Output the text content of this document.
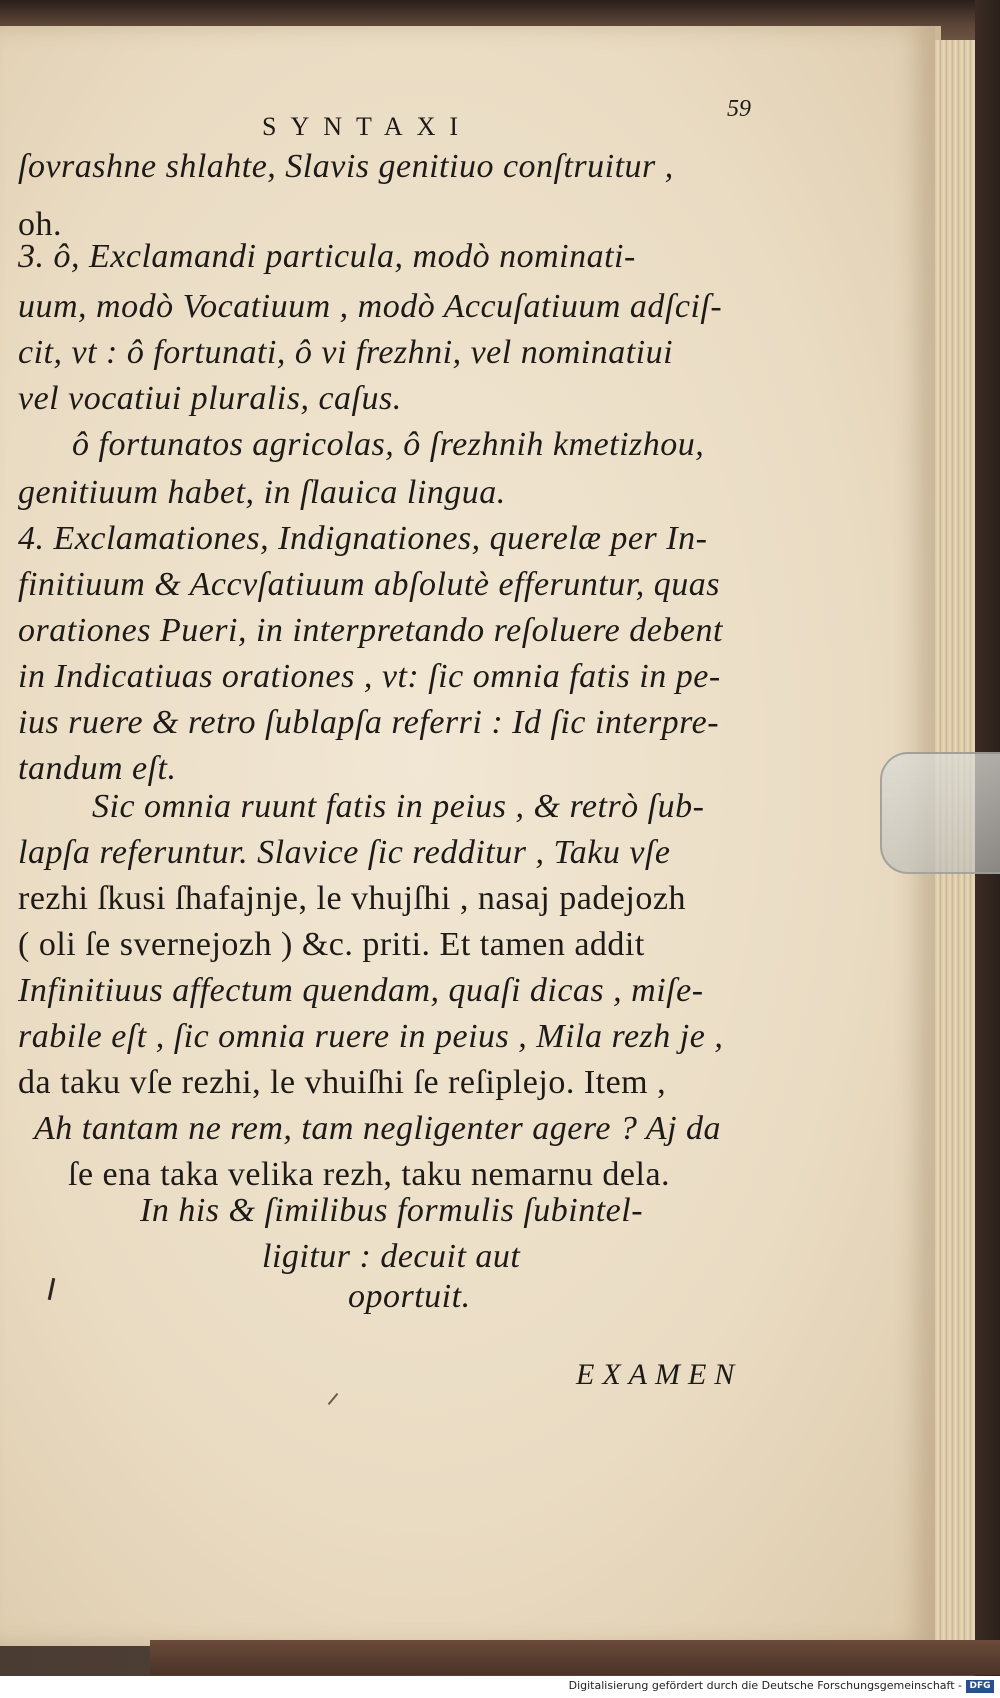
SYNTAXI
59
ſovrashne shlahte, Slavis genitiuo conſtruitur ,
oh.
3. ô, Exclamandi particula, modò nominati-
uum, modò Vocatiuum , modò Accuſatiuum adſciſ-
cit, vt : ô fortunati, ô vi frezhni, vel nominatiui
vel vocatiui pluralis, caſus.
ô fortunatos agricolas, ô ſrezhnih kmetizhou,
genitiuum habet, in ſlauica lingua.
4. Exclamationes, Indignationes, querelæ per In-
finitiuum & Accvſatiuum abſolutè efferuntur, quas
orationes Pueri, in interpretando reſoluere debent
in Indicatiuas orationes , vt: ſic omnia fatis in pe-
ius ruere & retro ſublapſa referri : Id ſic interpre-
tandum eſt.
Sic omnia ruunt fatis in peius , & retrò ſub-
lapſa referuntur. Slavice ſic redditur , Taku vſe
rezhi ſkusi ſhafajnje, le vhujſhi , nasaj padejozh
( oli ſe svernejozh ) &c. priti. Et tamen addit
Infinitiuus affectum quendam, quaſi dicas , miſe-
rabile eſt , ſic omnia ruere in peius , Mila rezh je ,
da taku vſe rezhi, le vhuiſhi ſe reſiplejo. Item ,
Ah tantam ne rem, tam negligenter agere ? Aj da
ſe ena taka velika rezh, taku nemarnu dela.
In his & ſimilibus formulis ſubintel-
ligitur : decuit aut
oportuit.
EXAMEN
Digitalisierung gefördert durch die Deutsche Forschungsgemeinschaft - DFG
